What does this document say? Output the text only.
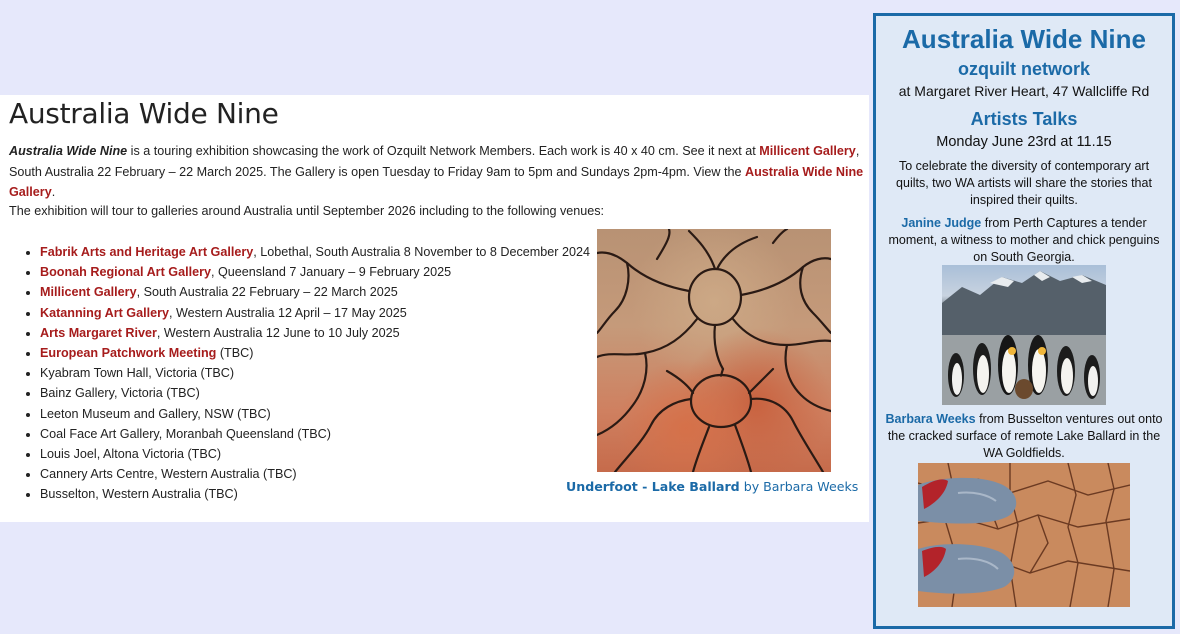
Australia Wide Nine

Australia Wide Nine is a touring exhibition showcasing the work of Ozquilt Network Members. Each work is 40 x 40 cm. See it next at Millicent Gallery, South Australia 22 February – 22 March 2025. The Gallery is open Tuesday to Friday 9am to 5pm and Sundays 2pm-4pm. View the Australia Wide Nine Gallery.

The exhibition will tour to galleries around Australia until September 2026 including to the following venues:

• Fabrik Arts and Heritage Art Gallery, Lobethal, South Australia 8 November to 8 December 2024
• Boonah Regional Art Gallery, Queensland 7 January – 9 February 2025
• Millicent Gallery, South Australia 22 February – 22 March 2025
• Katanning Art Gallery, Western Australia 12 April – 17 May 2025
• Arts Margaret River, Western Australia 12 June to 10 July 2025
• European Patchwork Meeting (TBC)
• Kyabram Town Hall, Victoria (TBC)
• Bainz Gallery, Victoria (TBC)
• Leeton Museum and Gallery, NSW (TBC)
• Coal Face Art Gallery, Moranbah Queensland (TBC)
• Louis Joel, Altona Victoria (TBC)
• Cannery Arts Centre, Western Australia (TBC)
• Busselton, Western Australia (TBC)

Underfoot - Lake Ballard by Barbara Weeks

Australia Wide Nine
ozquilt network
at Margaret River Heart, 47 Wallcliffe Rd
Artists Talks
Monday June 23rd at 11.15

To celebrate the diversity of contemporary art quilts, two WA artists will share the stories that inspired their quilts.

Janine Judge from Perth Captures a tender moment, a witness to mother and chick penguins on South Georgia.

Barbara Weeks from Busselton ventures out onto the cracked surface of remote Lake Ballard in the WA Goldfields.
